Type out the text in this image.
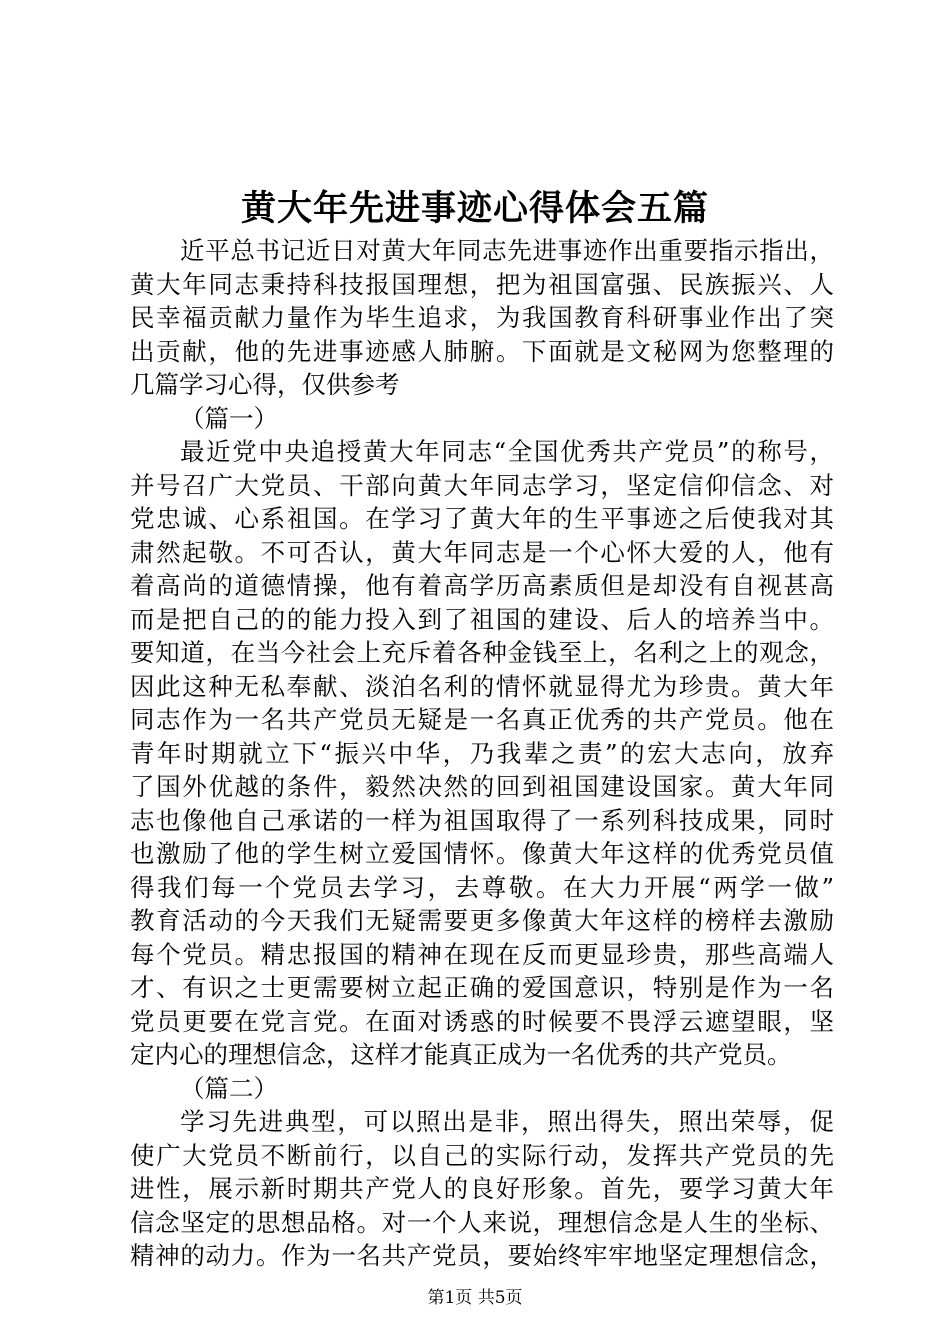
黄大年先进事迹心得体会五篇
近平总书记近日对黄大年同志先进事迹作出重要指示指出，
黄大年同志秉持科技报国理想，把为祖国富强、民族振兴、人
民幸福贡献力量作为毕生追求，为我国教育科研事业作出了突
出贡献，他的先进事迹感人肺腑。下面就是文秘网为您整理的
几篇学习心得，仅供参考
（篇一）
最近党中央追授黄大年同志“全国优秀共产党员”的称号，
并号召广大党员、干部向黄大年同志学习，坚定信仰信念、对
党忠诚、心系祖国。在学习了黄大年的生平事迹之后使我对其
肃然起敬。不可否认，黄大年同志是一个心怀大爱的人，他有
着高尚的道德情操，他有着高学历高素质但是却没有自视甚高
而是把自己的的能力投入到了祖国的建设、后人的培养当中。
要知道，在当今社会上充斥着各种金钱至上，名利之上的观念，
因此这种无私奉献、淡泊名利的情怀就显得尤为珍贵。黄大年
同志作为一名共产党员无疑是一名真正优秀的共产党员。他在
青年时期就立下“振兴中华，乃我辈之责”的宏大志向，放弃
了国外优越的条件，毅然决然的回到祖国建设国家。黄大年同
志也像他自己承诺的一样为祖国取得了一系列科技成果，同时
也激励了他的学生树立爱国情怀。像黄大年这样的优秀党员值
得我们每一个党员去学习，去尊敬。在大力开展“两学一做”
教育活动的今天我们无疑需要更多像黄大年这样的榜样去激励
每个党员。精忠报国的精神在现在反而更显珍贵，那些高端人
才、有识之士更需要树立起正确的爱国意识，特别是作为一名
党员更要在党言党。在面对诱惑的时候要不畏浮云遮望眼，坚
定内心的理想信念，这样才能真正成为一名优秀的共产党员。
（篇二）
学习先进典型，可以照出是非，照出得失，照出荣辱，促
使广大党员不断前行，以自己的实际行动，发挥共产党员的先
进性，展示新时期共产党人的良好形象。首先，要学习黄大年
信念坚定的思想品格。对一个人来说，理想信念是人生的坐标、
精神的动力。作为一名共产党员，要始终牢牢地坚定理想信念，
第1页 共5页
